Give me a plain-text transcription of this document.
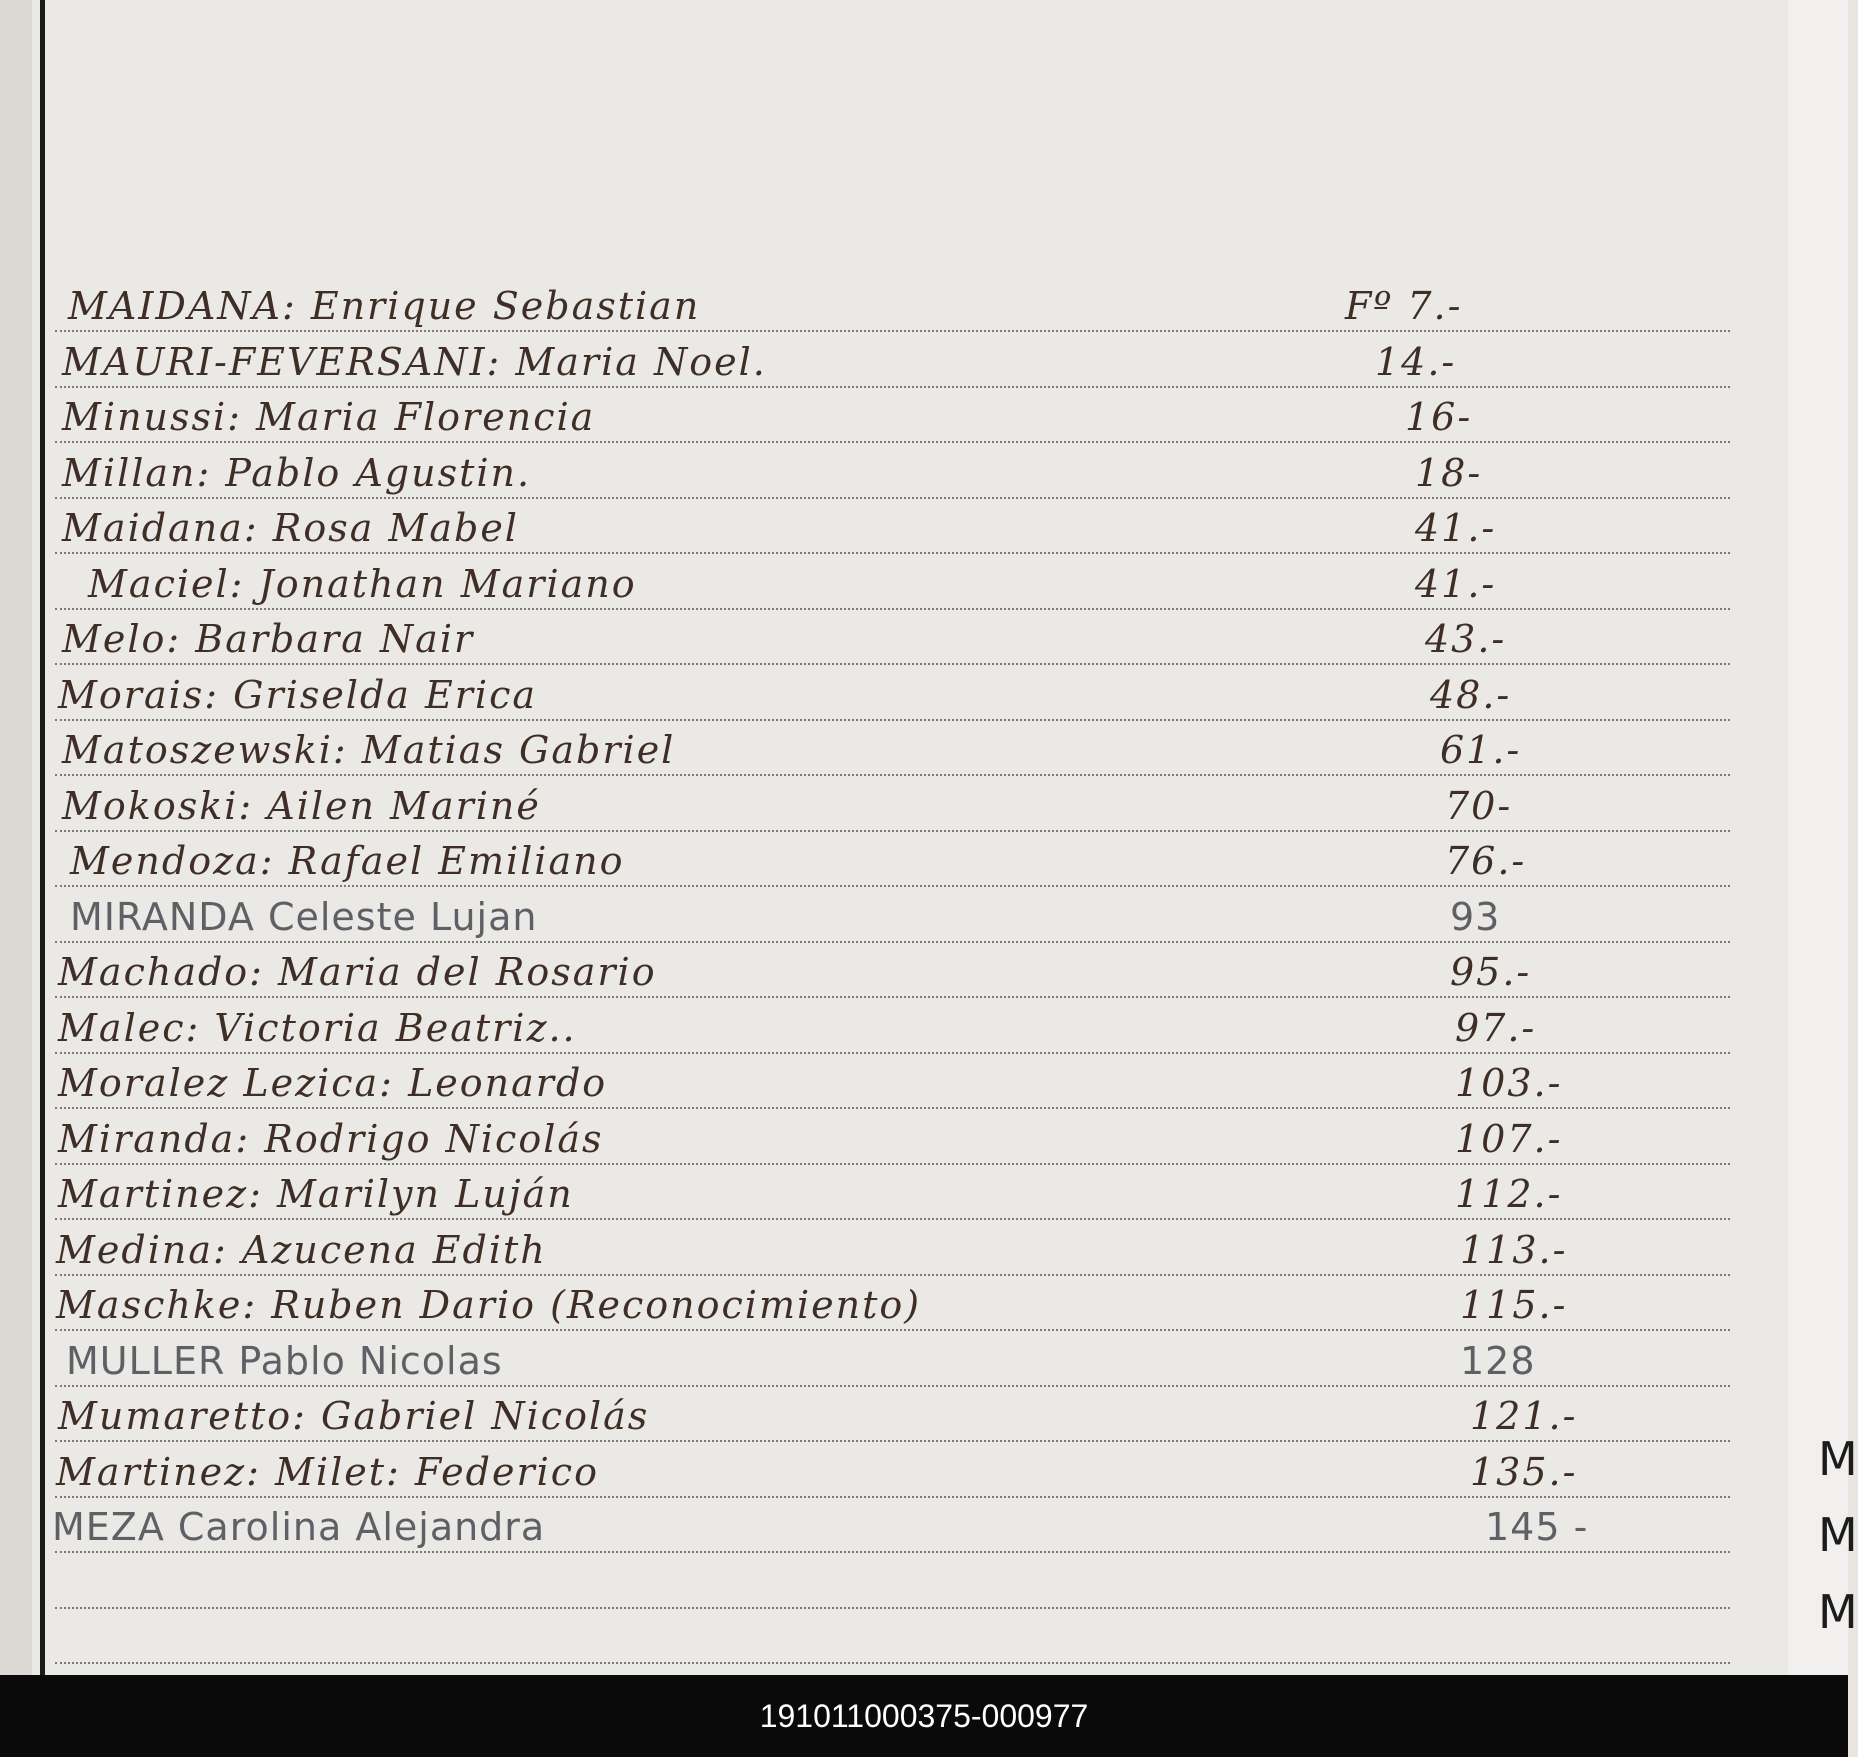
MAIDANA: Enrique Sebastian	Fº 7.-
MAURI-FEVERSANI: Maria Noel.	14.-
Minussi: Maria Florencia	16-
Millan: Pablo Agustin.	18-
Maidana: Rosa Mabel	41.-
Maciel: Jonathan Mariano	41.-
Melo: Barbara Nair	43.-
Morais: Griselda Erica	48.-
Matoszewski: Matias Gabriel	61.-
Mokoski: Ailen Mariné	70-
Mendoza: Rafael Emiliano	76.-
MIRANDA Celeste Lujan	93
Machado: Maria del Rosario	95.-
Malec: Victoria Beatriz..	97.-
Moralez Lezica: Leonardo	103.-
Miranda: Rodrigo Nicolás	107.-
Martinez: Marilyn Luján	112.-
Medina: Azucena Edith	113.-
Maschke: Ruben Dario (Reconocimiento)	115.-
MULLER Pablo Nicolas	128
Mumaretto: Gabriel Nicolás	121.-
Martinez: Milet: Federico	135.-
MEZA Carolina Alejandra	145 -
M
M
M
191011000375-000977
